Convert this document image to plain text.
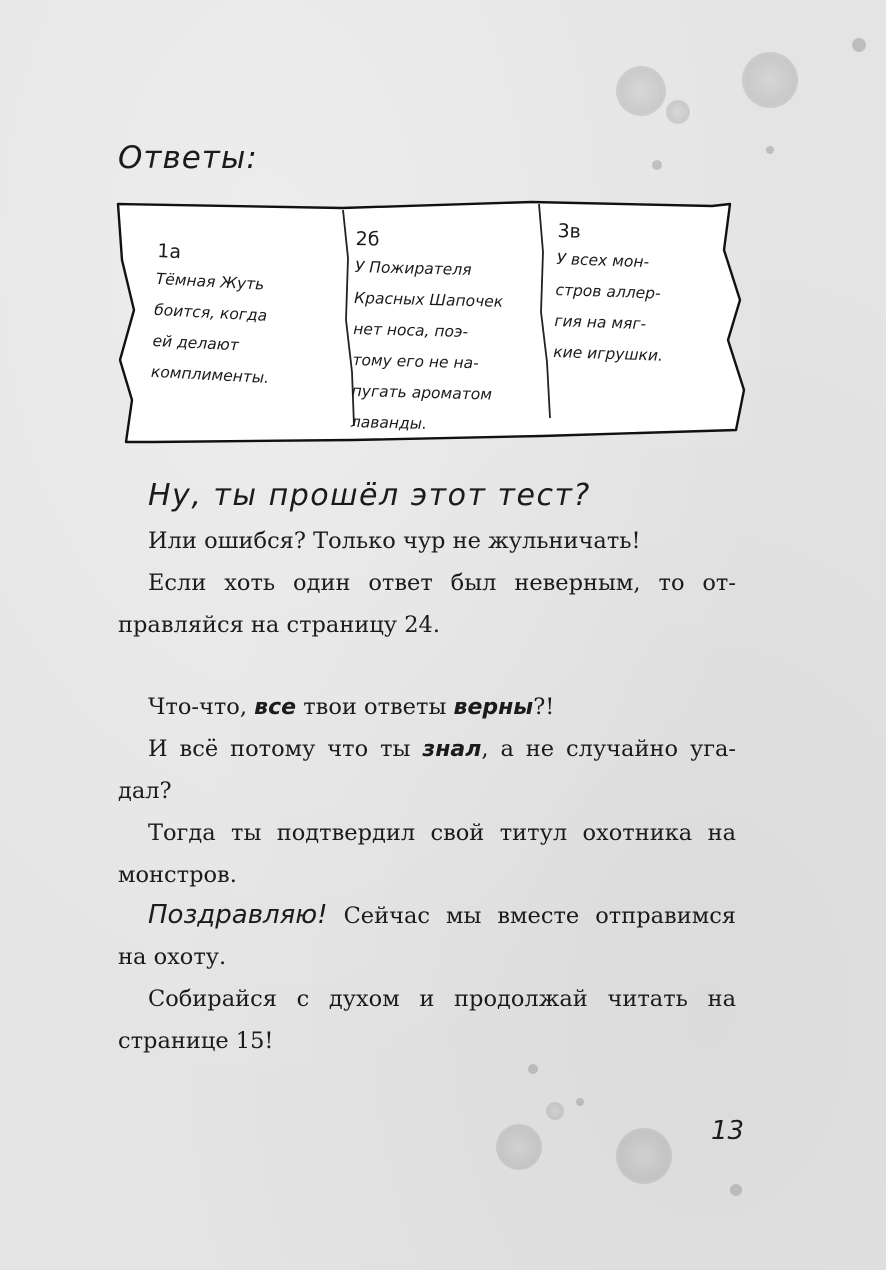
Ответы:
1a
Тёмная Жуть
боится, когда
ей делают
комплименты.
2б
У Пожирателя
Красных Шапочек
нет носа, поэ-
тому его не на-
пугать ароматом
лаванды.
3в
У всех мон-
стров аллер-
гия на мяг-
кие игрушки.
Ну, ты прошёл этот тест?
Или ошибся? Только чур не жульничать!
Если хоть один ответ был неверным, то от-
правляйся на страницу 24.
Что-что, все твои ответы верны?!
И всё потому что ты знал, а не случайно уга-
дал?
Тогда ты подтвердил свой титул охотника на
монстров.
Поздравляю! Сейчас мы вместе отправимся
на охоту.
Собирайся с духом и продолжай читать на
странице 15!
13
